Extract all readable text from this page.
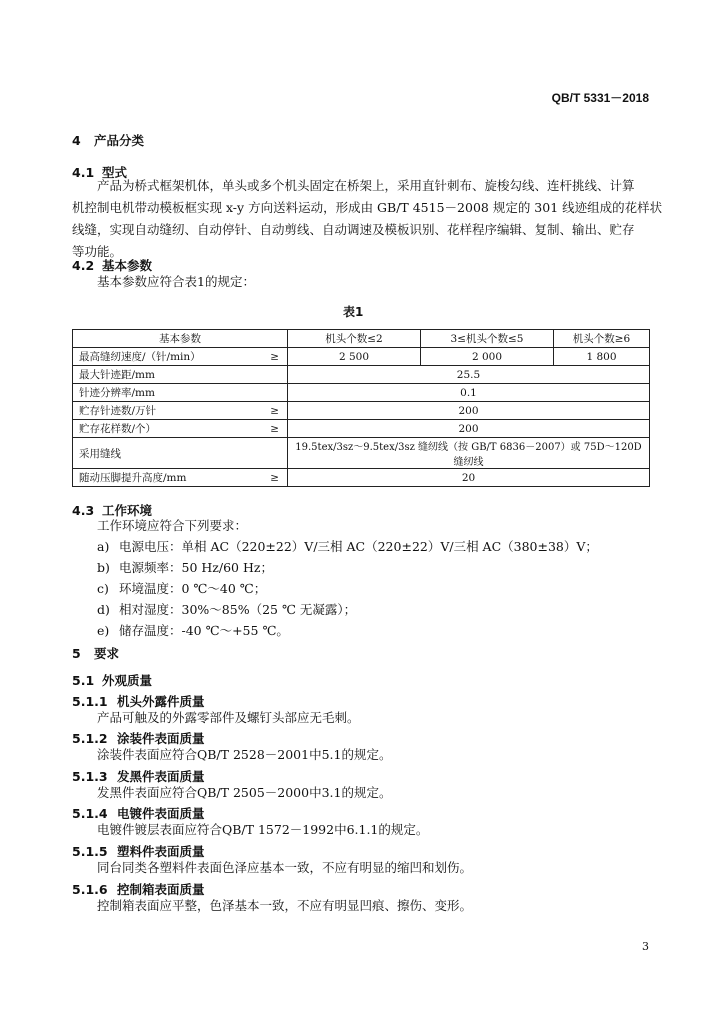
QB/T 5331－2018
4 产品分类
4.1 型式
产品为桥式框架机体，单头或多个机头固定在桥架上，采用直针刺布、旋梭勾线、连杆挑线、计算
机控制电机带动模板框实现 x-y 方向送料运动，形成由 GB/T 4515－2008 规定的 301 线迹组成的花样状
线缝，实现自动缝纫、自动停针、自动剪线、自动调速及模板识别、花样程序编辑、复制、输出、贮存
等功能。
4.2 基本参数
基本参数应符合表1的规定：
表1
基本参数		机头个数≤2	3≤机头个数≤5	机头个数≥6
最高缝纫速度/（针/min）	≥	2 500	2 000	1 800
最大针迹距/mm		25.5		
针迹分辨率/mm		0.1		
贮存针迹数/万针	≥	200		
贮存花样数/个）	≥	200		
采用缝线		19.5tex/3sz～9.5tex/3sz 缝纫线（按 GB/T 6836－2007）或 75D～120D 缝纫线		
随动压脚提升高度/mm	≥	20		
4.3 工作环境
工作环境应符合下列要求：
a) 电源电压：单相 AC（220±22）V/三相 AC（220±22）V/三相 AC（380±38）V；
b) 电源频率：50 Hz/60 Hz；
c) 环境温度：0 ℃～40 ℃；
d) 相对湿度：30%～85%（25 ℃ 无凝露）；
e) 储存温度：-40 ℃～+55 ℃。
5 要求
5.1 外观质量
5.1.1 机头外露件质量
产品可触及的外露零部件及螺钉头部应无毛刺。
5.1.2 涂装件表面质量
涂装件表面应符合QB/T 2528－2001中5.1的规定。
5.1.3 发黑件表面质量
发黑件表面应符合QB/T 2505－2000中3.1的规定。
5.1.4 电镀件表面质量
电镀件镀层表面应符合QB/T 1572－1992中6.1.1的规定。
5.1.5 塑料件表面质量
同台同类各塑料件表面色泽应基本一致，不应有明显的缩凹和划伤。
5.1.6 控制箱表面质量
控制箱表面应平整，色泽基本一致，不应有明显凹痕、擦伤、变形。
3
